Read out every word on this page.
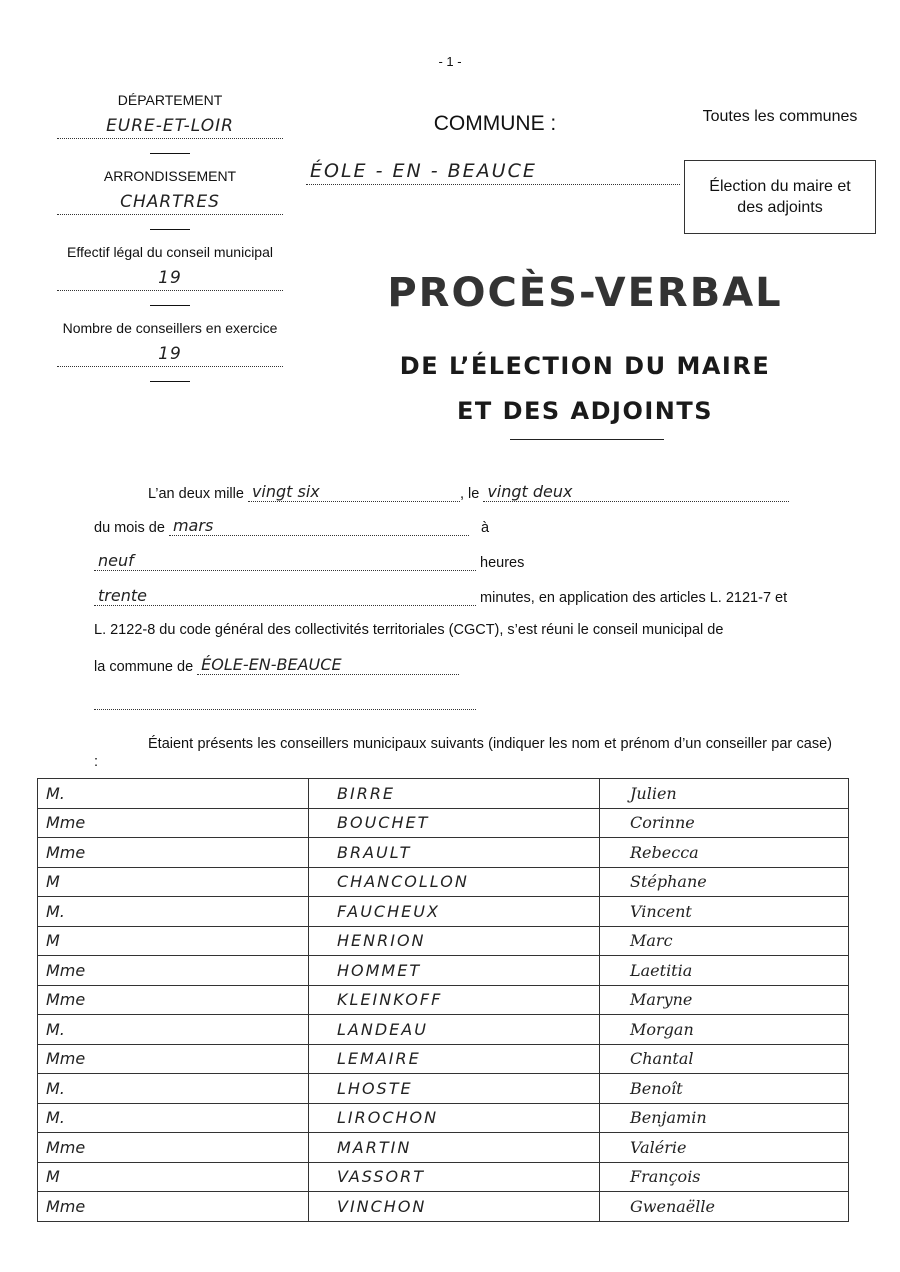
- 1 -

DÉPARTEMENT

EURE-ET-LOIR

ARRONDISSEMENT

CHARTRES

Effectif légal du conseil municipal

19

Nombre de conseillers en exercice

19
COMMUNE :
ÉOLE - EN - BEAUCE
Toutes les communes
Élection du maire et des adjoints
PROCÈS-VERBAL
DE L’ÉLECTION DU MAIRE
ET DES ADJOINTS
L’an deux mille vingt six	, le vingt deux
du mois de mars	à
neuf	heures
trente	minutes, en application des articles L. 2121-7 et
L. 2122-8 du code général des collectivités territoriales (CGCT), s’est réuni le conseil municipal de
la commune de ÉOLE-EN-BEAUCE
Étaient présents les conseillers municipaux suivants (indiquer les nom et prénom d’un conseiller par case) :
M.	BIRRE	Julien
Mme	BOUCHET	Corinne
Mme	BRAULT	Rebecca
M	CHANCOLLON	Stéphane
M.	FAUCHEUX	Vincent
M	HENRION	Marc
Mme	HOMMET	Laetitia
Mme	KLEINKOFF	Maryne
M.	LANDEAU	Morgan
Mme	LEMAIRE	Chantal
M.	LHOSTE	Benoît
M.	LIROCHON	Benjamin
Mme	MARTIN	Valérie
M	VASSORT	François
Mme	VINCHON	Gwenaëlle
